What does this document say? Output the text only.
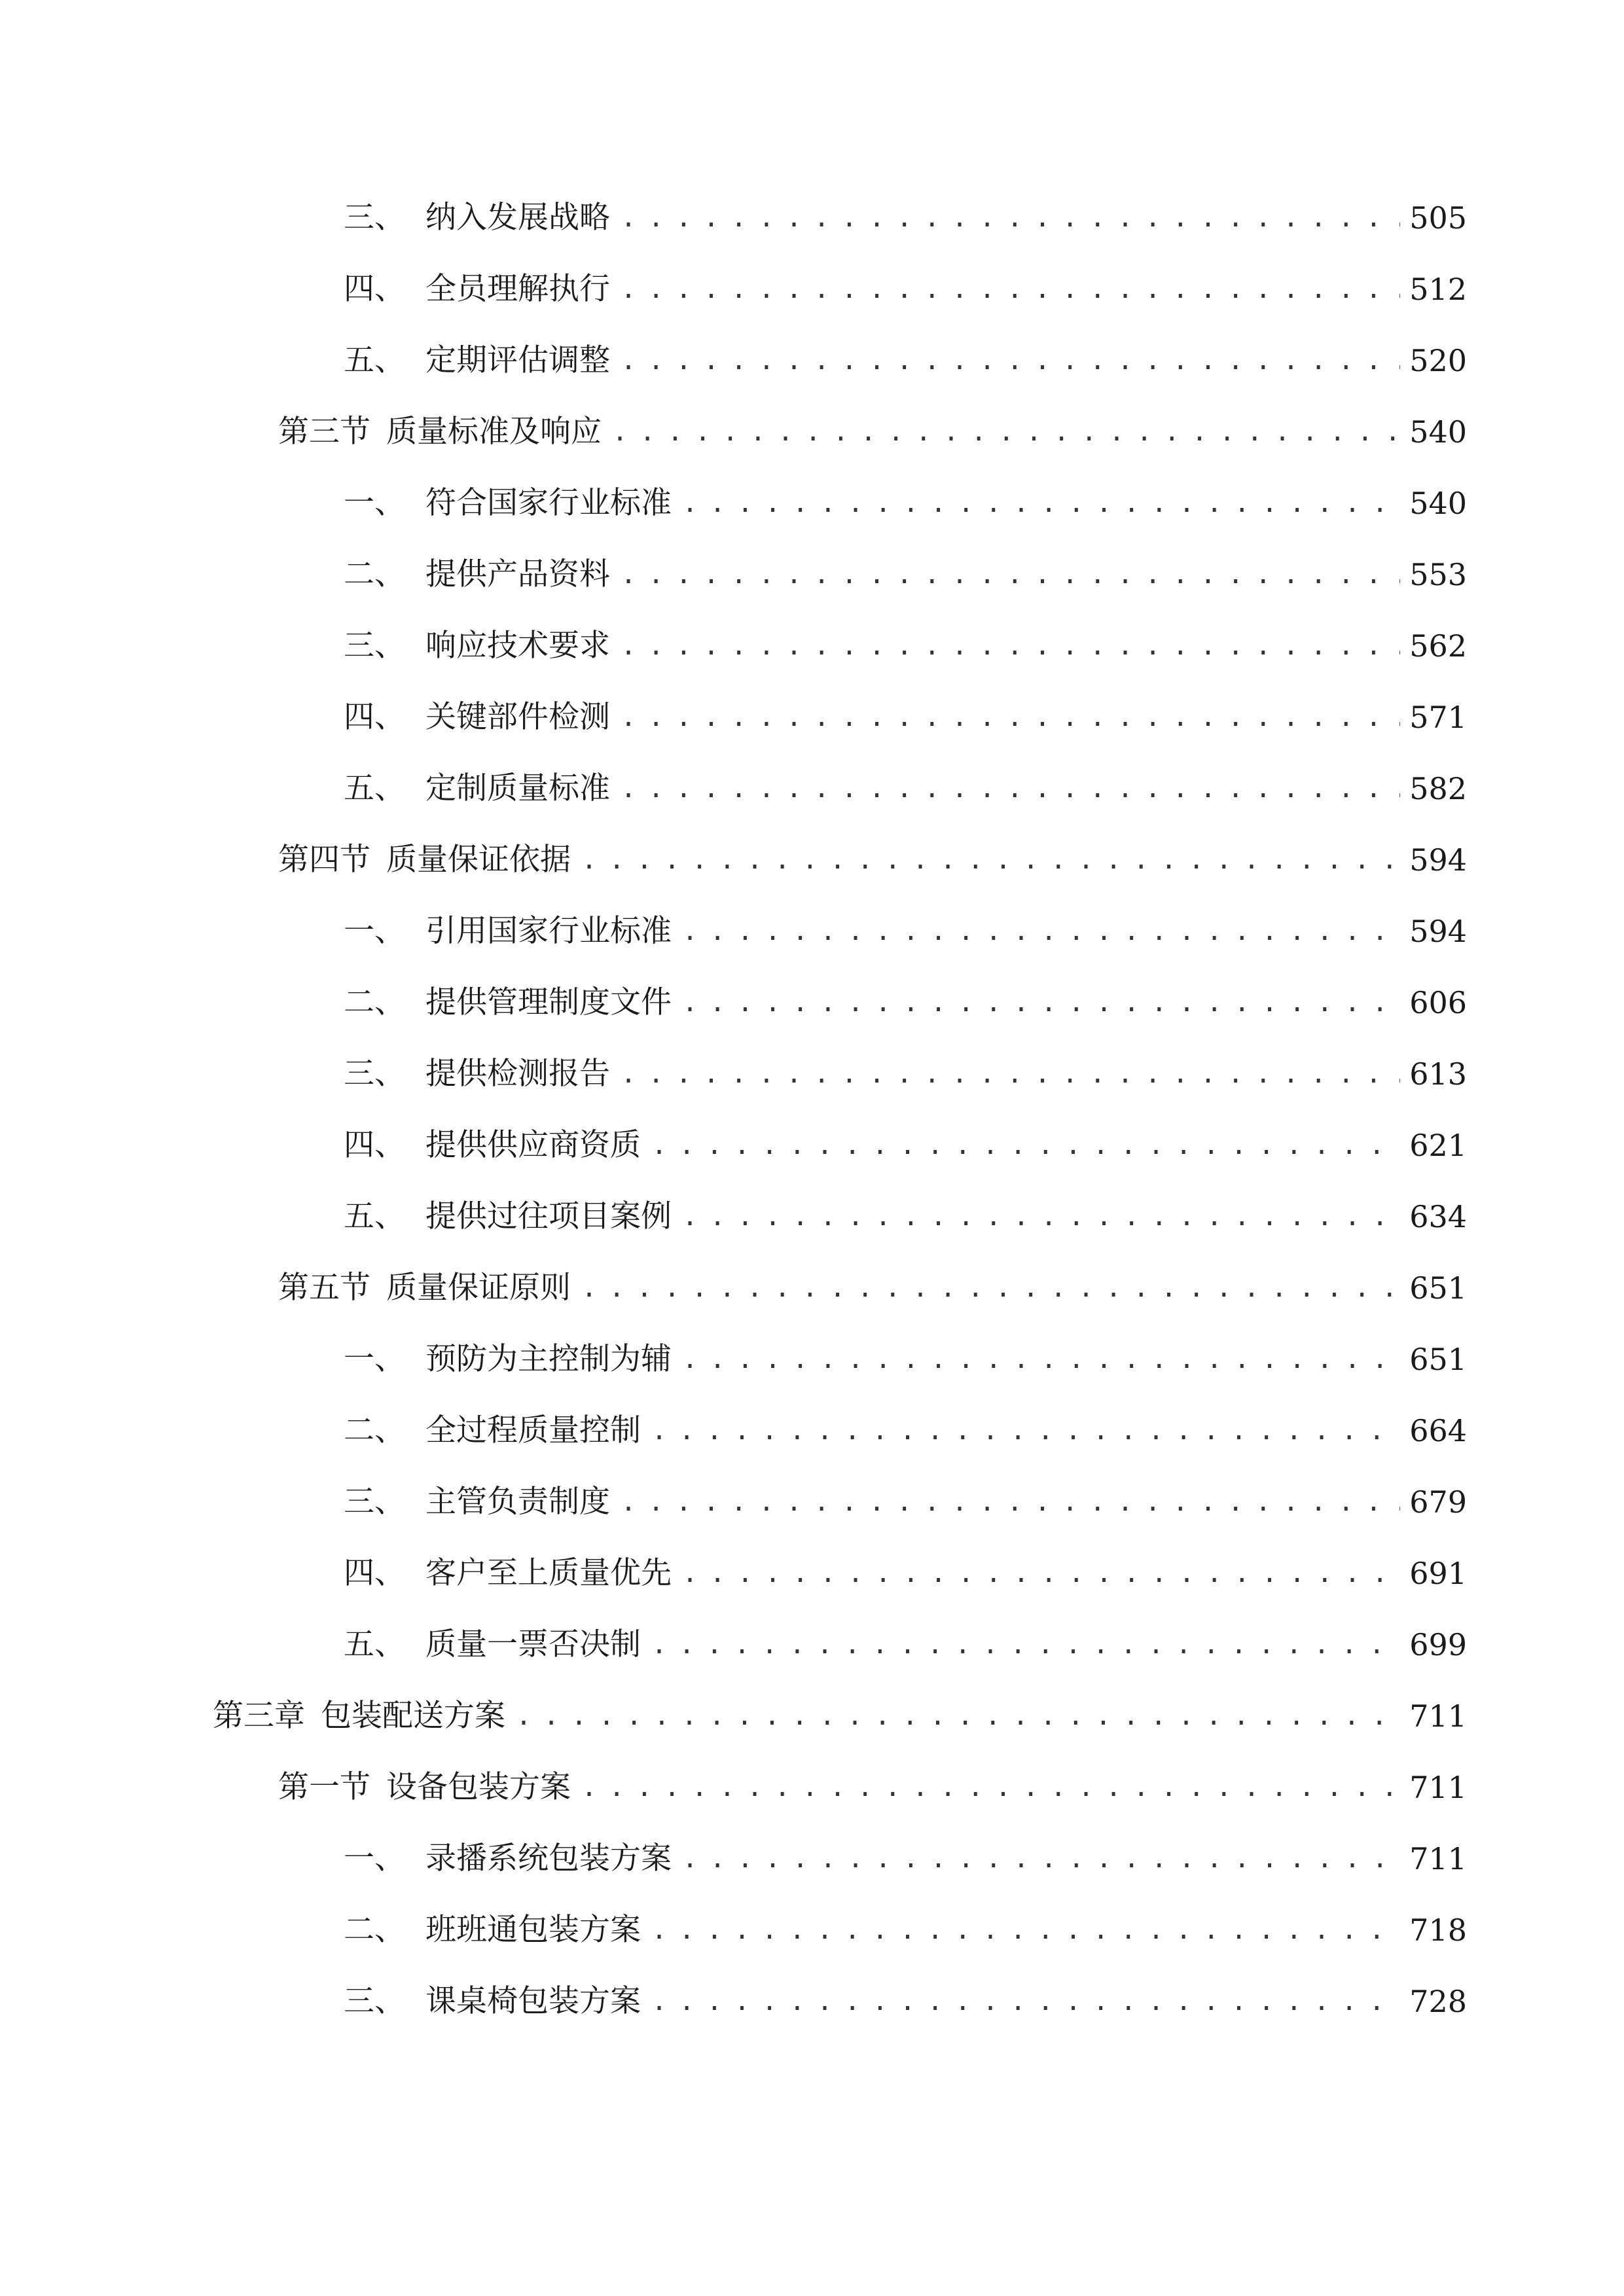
三、 纳入发展战略 . . .	505
四、 全员理解执行 . . .	512
五、 定期评估调整 . . .	520
第三节 质量标准及响应 . . .	540
一、 符合国家行业标准 . . .	540
二、 提供产品资料 . . .	553
三、 响应技术要求 . . .	562
四、 关键部件检测 . . .	571
五、 定制质量标准 . . .	582
第四节 质量保证依据 . . .	594
一、 引用国家行业标准 . . .	594
二、 提供管理制度文件 . . .	606
三、 提供检测报告 . . .	613
四、 提供供应商资质 . . .	621
五、 提供过往项目案例 . . .	634
第五节 质量保证原则 . . .	651
一、 预防为主控制为辅 . . .	651
二、 全过程质量控制 . . .	664
三、 主管负责制度 . . .	679
四、 客户至上质量优先 . . .	691
五、 质量一票否决制 . . .	699
第三章 包装配送方案 . . .	711
第一节 设备包装方案 . . .	711
一、 录播系统包装方案 . . .	711
二、 班班通包装方案 . . .	718
三、 课桌椅包装方案 . . .	728
